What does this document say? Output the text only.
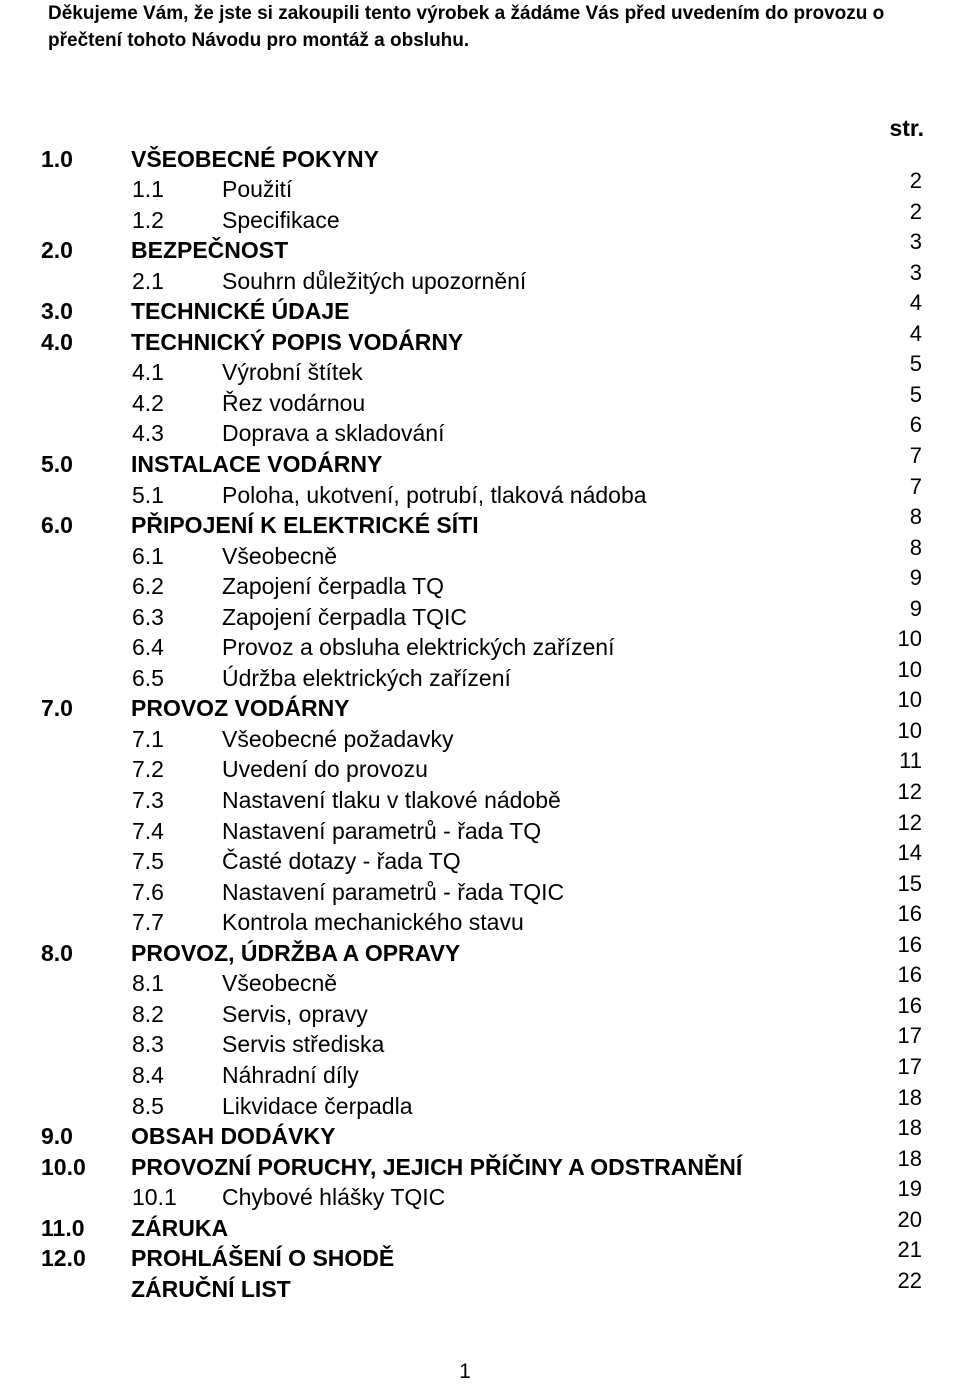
Děkujeme Vám, že jste si zakoupili tento výrobek a žádáme Vás před uvedením do provozu o přečtení tohoto Návodu pro montáž a obsluhu.

str.
1.0	VŠEOBECNÉ POKYNY
1.1	Použití	2
1.2	Specifikace	2
2.0	BEZPEČNOST	3
2.1	Souhrn důležitých upozornění	3
3.0	TECHNICKÉ ÚDAJE	4
4.0	TECHNICKÝ POPIS VODÁRNY	4
4.1	Výrobní štítek	5
4.2	Řez vodárnou	5
4.3	Doprava a skladování	6
5.0	INSTALACE VODÁRNY	7
5.1	Poloha, ukotvení, potrubí, tlaková nádoba	7
6.0	PŘIPOJENÍ K ELEKTRICKÉ SÍTI	8
6.1	Všeobecně	8
6.2	Zapojení čerpadla TQ	9
6.3	Zapojení čerpadla TQIC	9
6.4	Provoz a obsluha elektrických zařízení	10
6.5	Údržba elektrických zařízení	10
7.0	PROVOZ VODÁRNY	10
7.1	Všeobecné požadavky	10
7.2	Uvedení do provozu	11
7.3	Nastavení tlaku v tlakové nádobě	12
7.4	Nastavení parametrů - řada TQ	12
7.5	Časté dotazy - řada TQ	14
7.6	Nastavení parametrů - řada TQIC	15
7.7	Kontrola mechanického stavu	16
8.0	PROVOZ, ÚDRŽBA A OPRAVY	16
8.1	Všeobecně	16
8.2	Servis, opravy	16
8.3	Servis střediska	17
8.4	Náhradní díly	17
8.5	Likvidace čerpadla	18
9.0	OBSAH DODÁVKY	18
10.0 PROVOZNÍ PORUCHY, JEJICH PŘÍČINY A ODSTRANĚNÍ	18
10.1 Chybové hlášky TQIC	19
11.0 ZÁRUKA	20
12.0 PROHLÁŠENÍ O SHODĚ	21
ZÁRUČNÍ LIST	22
1
